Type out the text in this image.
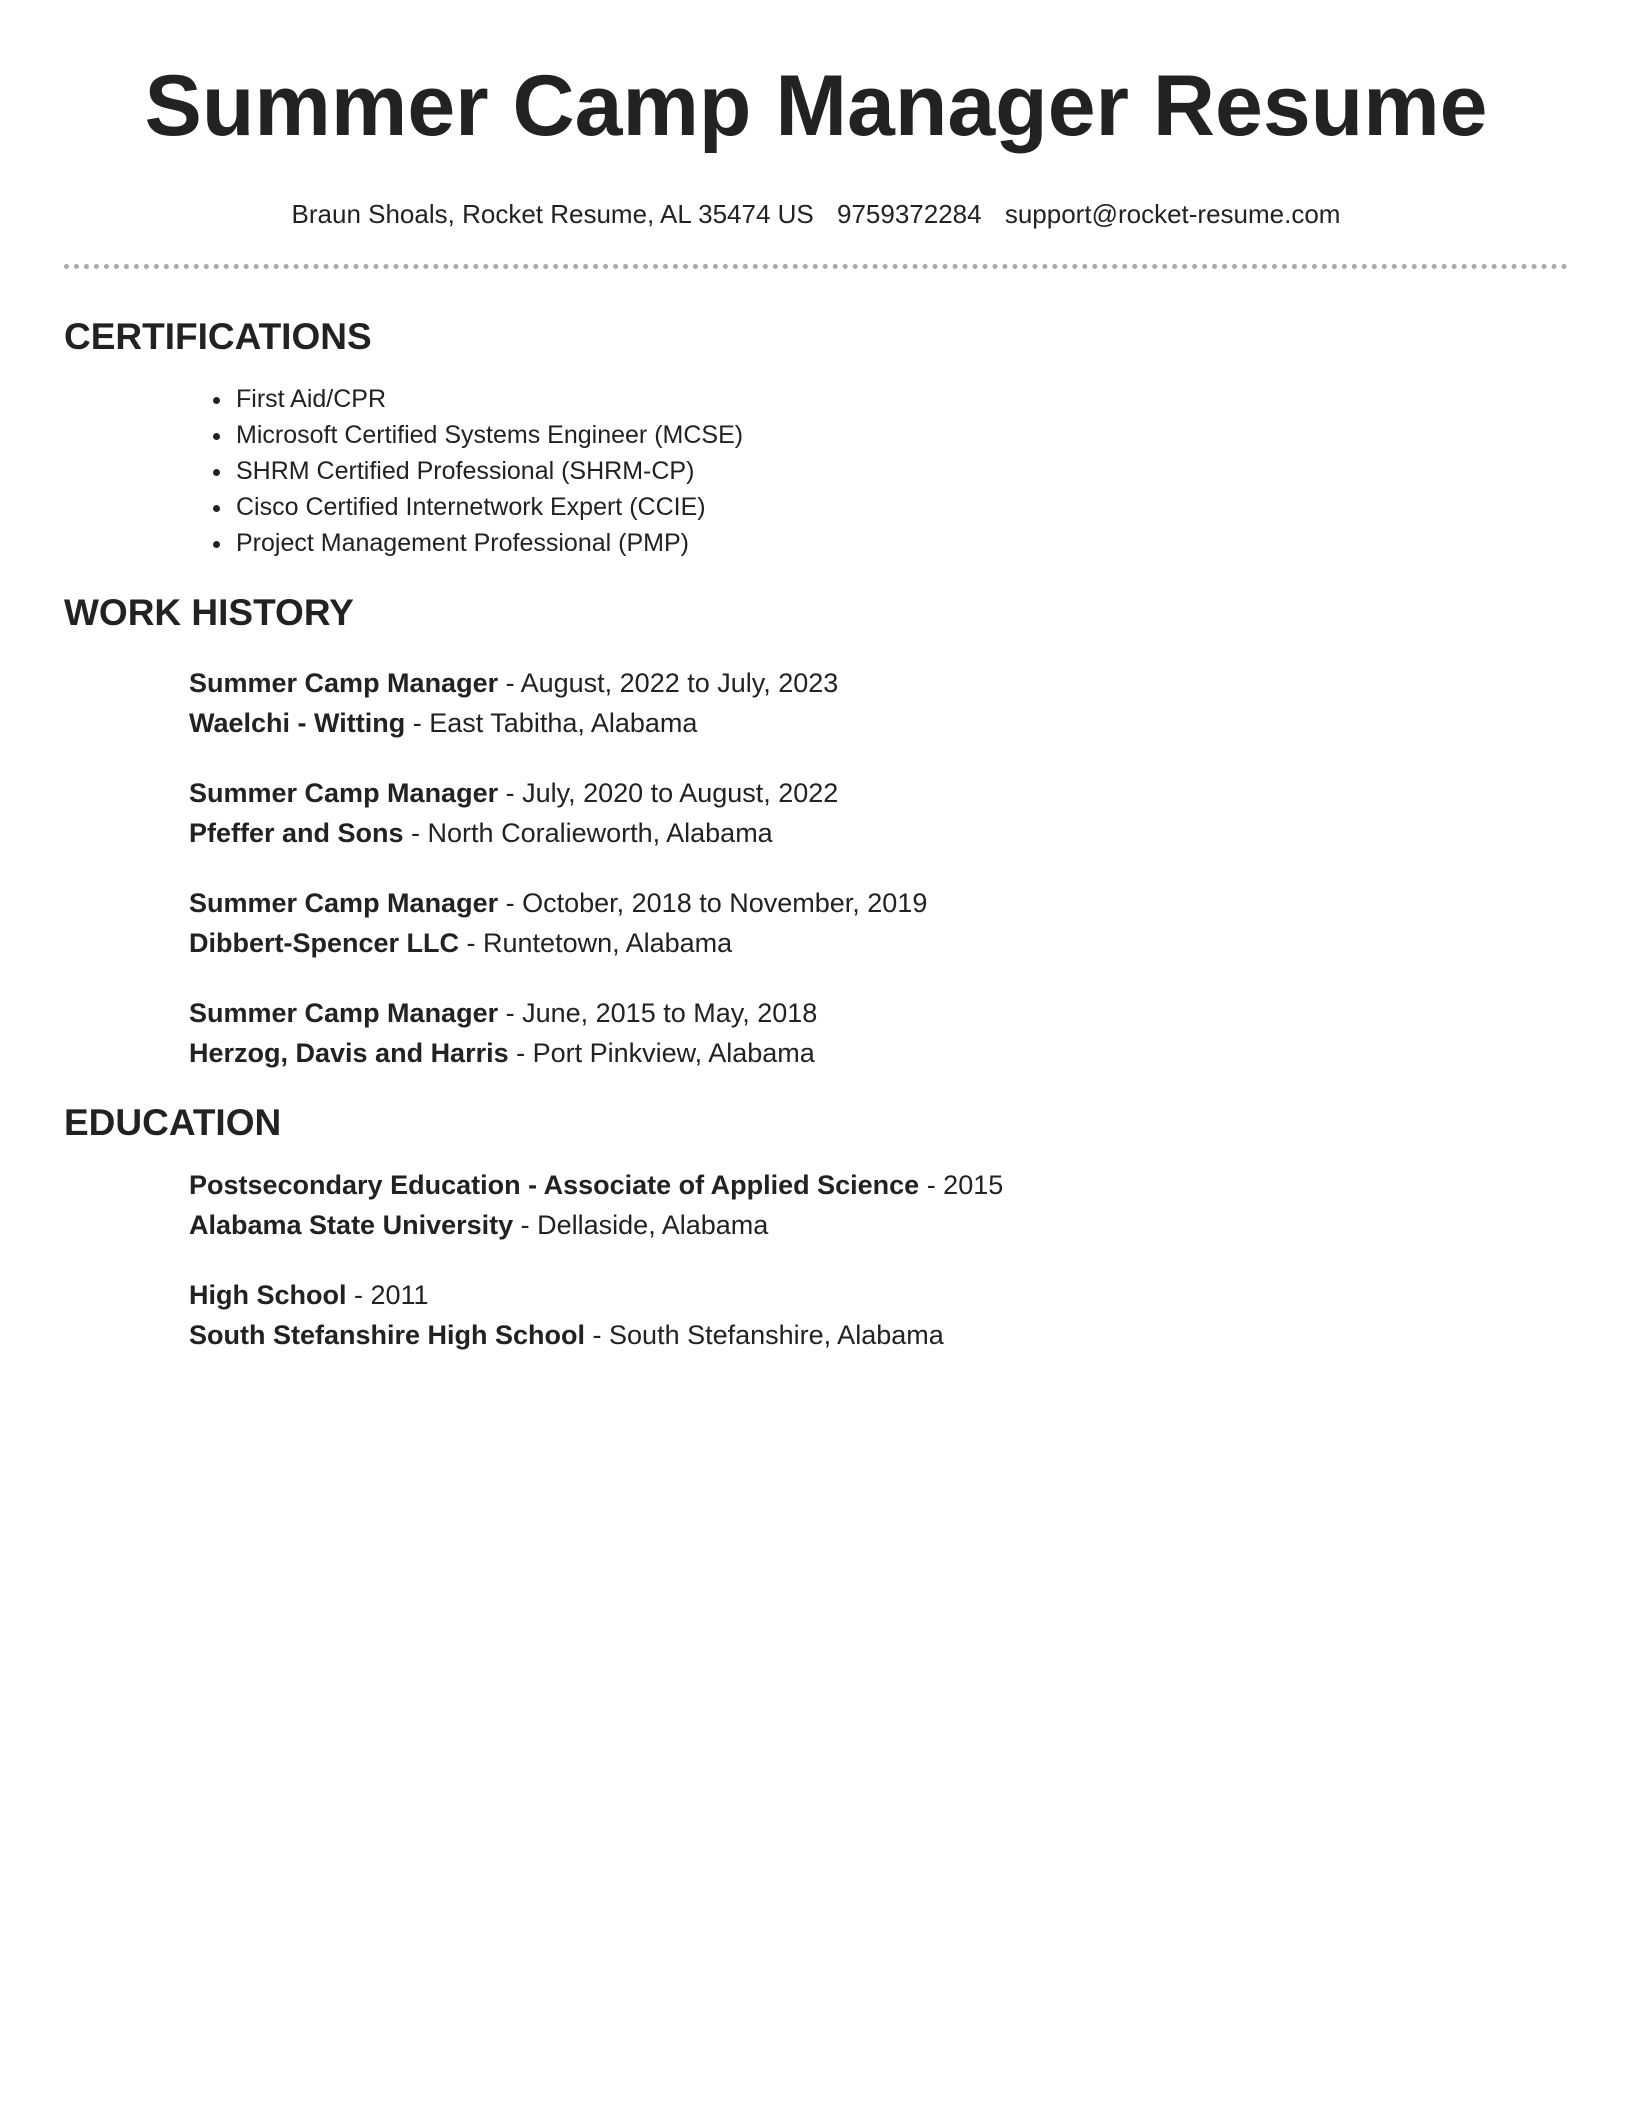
Summer Camp Manager Resume
Braun Shoals, Rocket Resume, AL 35474 US 9759372284 support@rocket-resume.com
CERTIFICATIONS
• First Aid/CPR
• Microsoft Certified Systems Engineer (MCSE)
• SHRM Certified Professional (SHRM-CP)
• Cisco Certified Internetwork Expert (CCIE)
• Project Management Professional (PMP)
WORK HISTORY
Summer Camp Manager - August, 2022 to July, 2023
Waelchi - Witting - East Tabitha, Alabama
Summer Camp Manager - July, 2020 to August, 2022
Pfeffer and Sons - North Coralieworth, Alabama
Summer Camp Manager - October, 2018 to November, 2019
Dibbert-Spencer LLC - Runtetown, Alabama
Summer Camp Manager - June, 2015 to May, 2018
Herzog, Davis and Harris - Port Pinkview, Alabama
EDUCATION
Postsecondary Education - Associate of Applied Science - 2015
Alabama State University - Dellaside, Alabama
High School - 2011
South Stefanshire High School - South Stefanshire, Alabama
